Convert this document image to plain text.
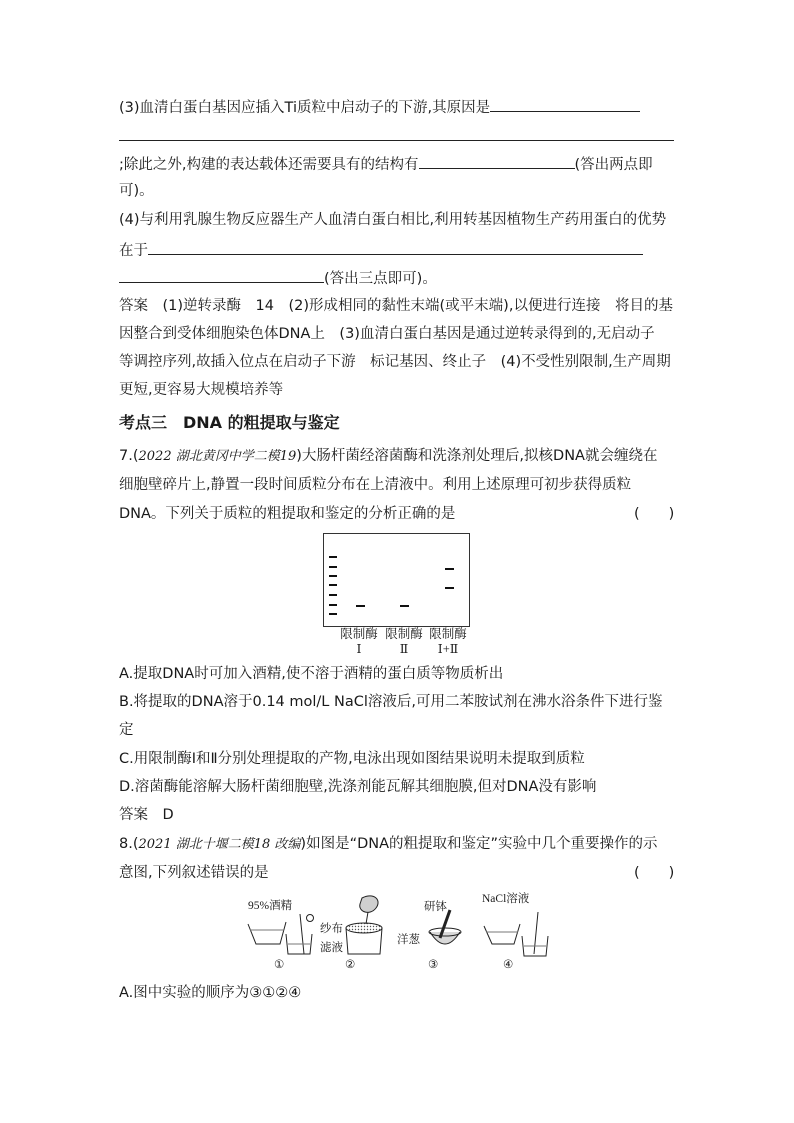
(3)血清白蛋白基因应插入Ti质粒中启动子的下游,其原因是
;除此之外,构建的表达载体还需要具有的结构有	(答出两点即
可)。
(4)与利用乳腺生物反应器生产人血清白蛋白相比,利用转基因植物生产药用蛋白的优势
在于
(答出三点即可)。
答案　(1)逆转录酶　14　(2)形成相同的黏性末端(或平末端),以便进行连接　将目的基
因整合到受体细胞染色体DNA上　(3)血清白蛋白基因是通过逆转录得到的,无启动子
等调控序列,故插入位点在启动子下游　标记基因、终止子　(4)不受性别限制,生产周期
更短,更容易大规模培养等
考点三　DNA 的粗提取与鉴定
7.(2022 湖北黄冈中学二模19)大肠杆菌经溶菌酶和洗涤剂处理后,拟核DNA就会缠绕在
细胞壁碎片上,静置一段时间质粒分布在上清液中。利用上述原理可初步获得质粒
DNA。下列关于质粒的粗提取和鉴定的分析正确的是	(　　)
限制酶
Ⅰ
限制酶
Ⅱ
限制酶
Ⅰ+Ⅱ
A.提取DNA时可加入酒精,使不溶于酒精的蛋白质等物质析出
B.将提取的DNA溶于0.14 mol/L NaCl溶液后,可用二苯胺试剂在沸水浴条件下进行鉴
定
C.用限制酶Ⅰ和Ⅱ分别处理提取的产物,电泳出现如图结果说明未提取到质粒
D.溶菌酶能溶解大肠杆菌细胞壁,洗涤剂能瓦解其细胞膜,但对DNA没有影响
答案　D
8.(2021 湖北十堰二模18 改编)如图是“DNA的粗提取和鉴定”实验中几个重要操作的示
意图,下列叙述错误的是	(　　)
95%酒精
纱布
滤液
研钵
洋葱
NaCl溶液
①	②	③	④
A.图中实验的顺序为③①②④
